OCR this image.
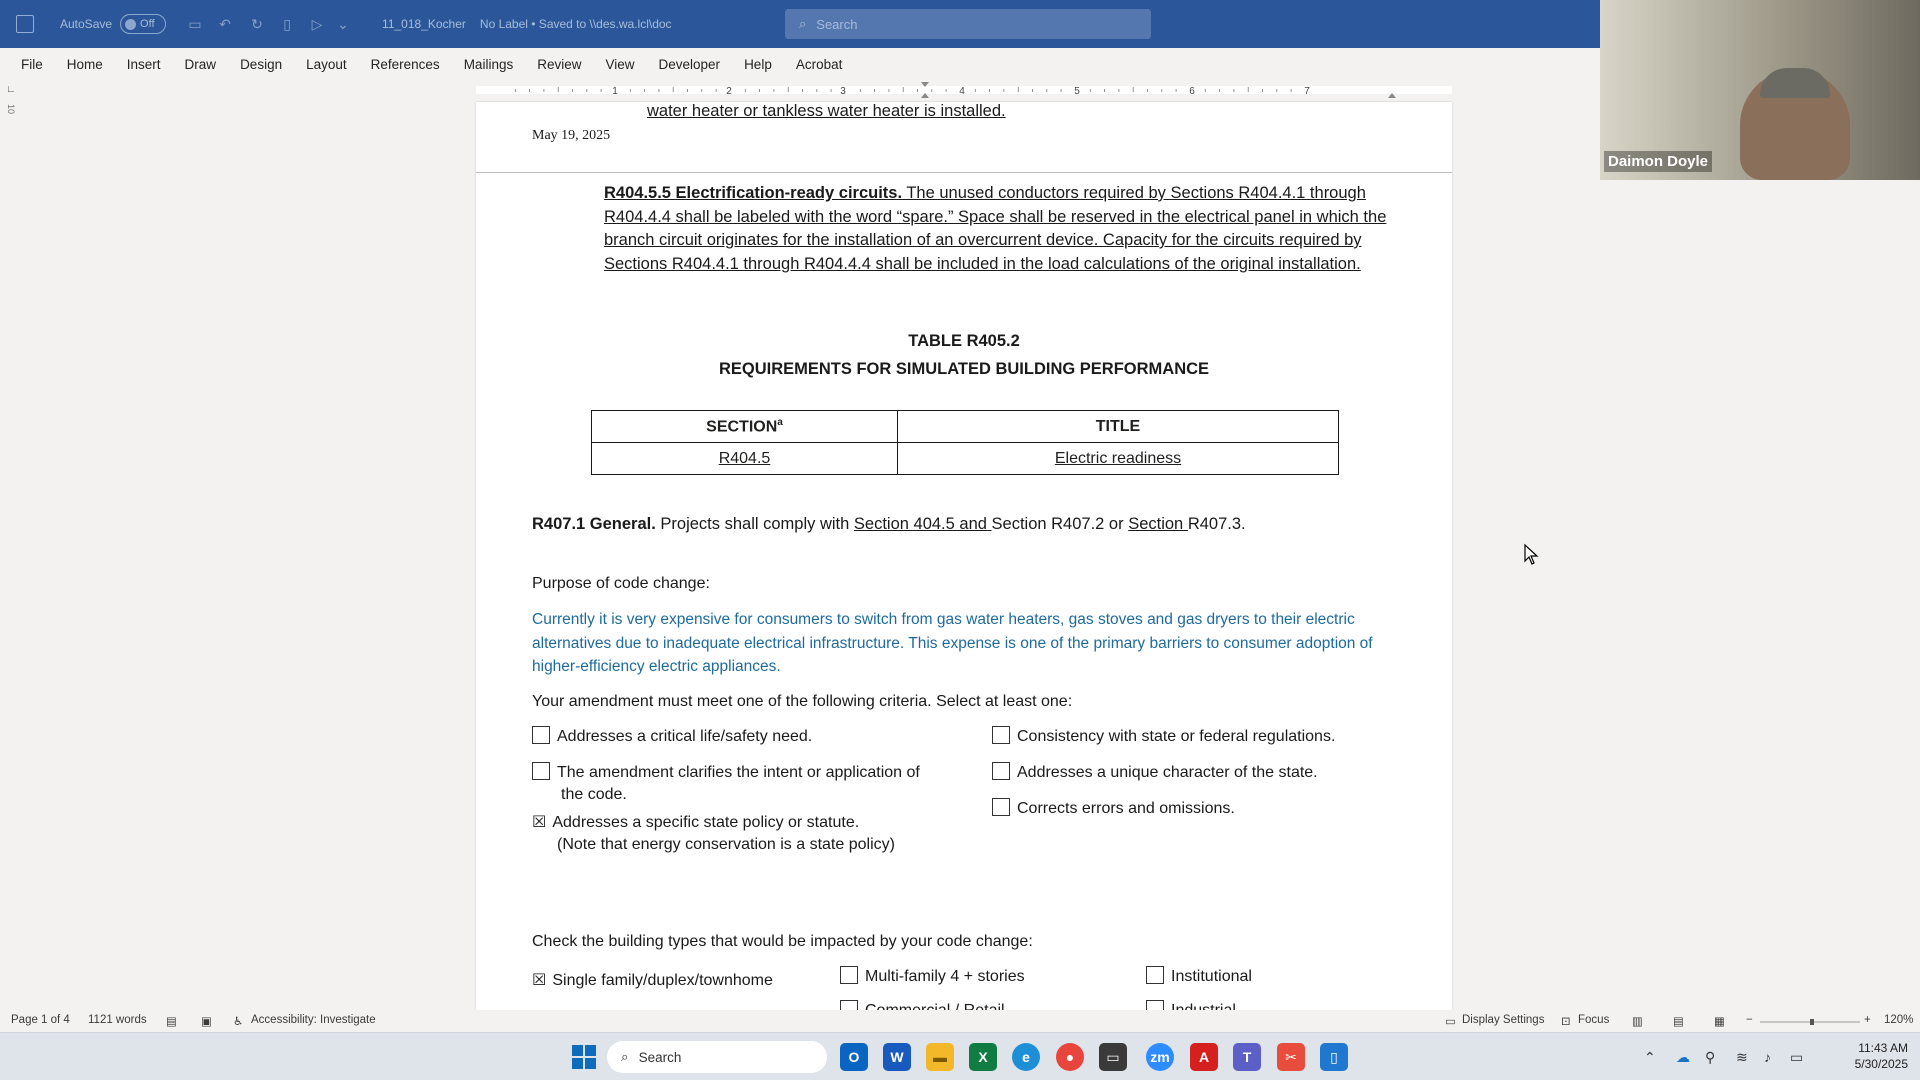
AutoSave	Off ▭ ↶ ↻	▯	▷ ⌄	11_018_Kocher No Label • Saved to \\des.wa.lcl\doc	⌕ Search
File	Home	Insert	Draw	Design	Layout	References	Mailings	Review	View	Developer	Help	Acrobat
∟	1	2	3	4	5	6	7
10	water heater or tankless water heater is installed.
May 19, 2025
R404.5.5 Electrification-ready circuits. The unused conductors required by Sections R404.4.1 through R404.4.4 shall be labeled with the word “spare.” Space shall be reserved in the electrical panel in which the branch circuit originates for the installation of an overcurrent device. Capacity for the circuits required by Sections R404.4.1 through R404.4.4 shall be included in the load calculations of the original installation.
TABLE R405.2
REQUIREMENTS FOR SIMULATED BUILDING PERFORMANCE
SECTION$^a$	TITLE
R404.5	Electric readiness
R407.1 General. Projects shall comply with Section 404.5 and Section R407.2 or Section R407.3.
Purpose of code change:
Currently it is very expensive for consumers to switch from gas water heaters, gas stoves and gas dryers to their electric alternatives due to inadequate electrical infrastructure. This expense is one of the primary barriers to consumer adoption of higher-efficiency electric appliances.
Your amendment must meet one of the following criteria. Select at least one:
Addresses a critical life/safety need.
The amendment clarifies the intent or application of
the code.
☒ Addresses a specific state policy or statute.
(Note that energy conservation is a state policy)
Consistency with state or federal regulations.
Addresses a unique character of the state.
Corrects errors and omissions.
Check the building types that would be impacted by your code change:
☒ Single family/duplex/townhome	Multi-family 4 + stories	Institutional
Page 1 of 4 1121 words ▤ ▣ ♿ Accessibility: Investigate	▭ Display Settings ⊡ Focus ▥	▤	▦ −	+ 120%
⌕ Search	O	W	▬	X	e	●	▭	zm	A	T	✂	▯	⌃ ☁ ⚲ ≋ ♪ ▭
11:43 AM
5/30/2025
Daimon Doyle
